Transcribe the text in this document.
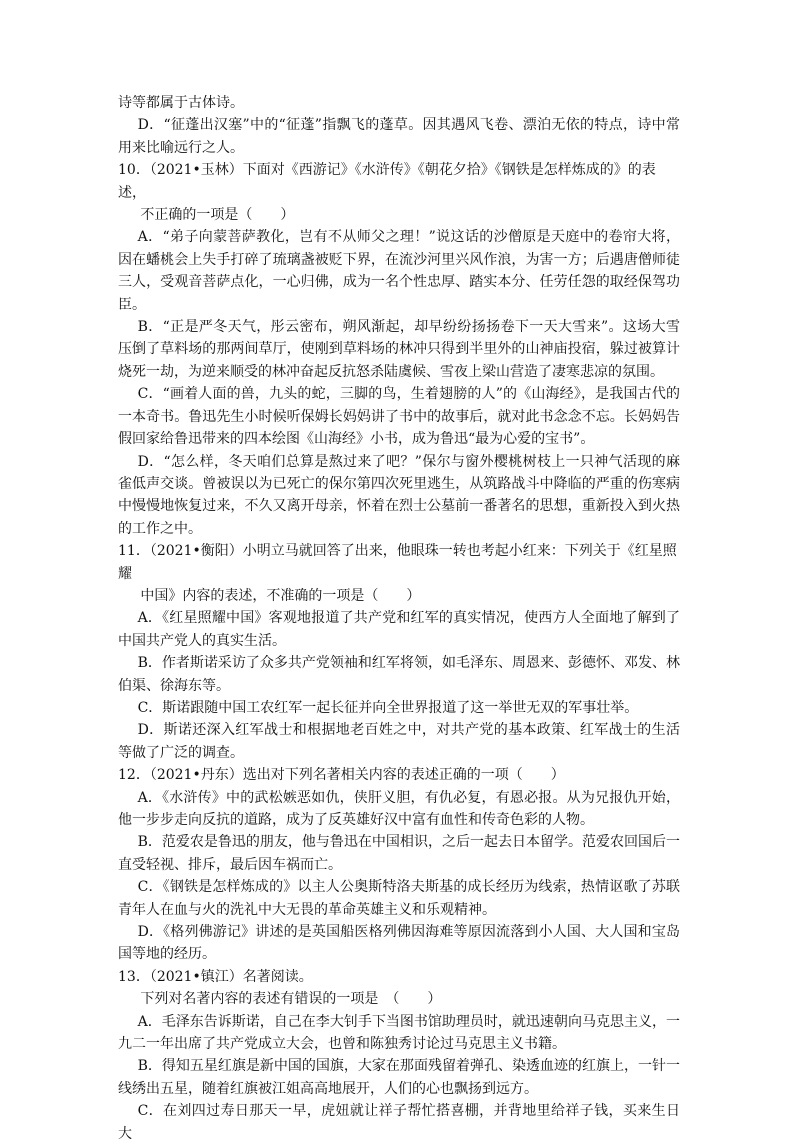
诗等都属于古体诗。

D．“征蓬出汉塞”中的“征蓬”指飘飞的蓬草。因其遇风飞卷、漂泊无依的特点，诗中常用来比喻远行之人。

10．（2021•玉林）下面对《西游记》《水浒传》《朝花夕拾》《钢铁是怎样炼成的》的表述，
不正确的一项是（　　）

A．“弟子向蒙菩萨教化，岂有不从师父之理！”说这话的沙僧原是天庭中的卷帘大将，因在蟠桃会上失手打碎了琉璃盏被贬下界，在流沙河里兴风作浪，为害一方；后遇唐僧师徒三人，受观音菩萨点化，一心归佛，成为一名个性忠厚、踏实本分、任劳任怨的取经保驾功臣。

B．“正是严冬天气，彤云密布，朔风渐起，却早纷纷扬扬卷下一天大雪来”。这场大雪压倒了草料场的那两间草厅，使刚到草料场的林冲只得到半里外的山神庙投宿，躲过被算计烧死一劫，为逆来顺受的林冲奋起反抗怒杀陆虞候、雪夜上梁山营造了凄寒悲凉的氛围。

C．“画着人面的兽，九头的蛇，三脚的鸟，生着翅膀的人”的《山海经》，是我国古代的一本奇书。鲁迅先生小时候听保姆长妈妈讲了书中的故事后，就对此书念念不忘。长妈妈告假回家给鲁迅带来的四本绘图《山海经》小书，成为鲁迅“最为心爱的宝书”。

D．“怎么样，冬天咱们总算是熬过来了吧？”保尔与窗外樱桃树枝上一只神气活现的麻雀低声交谈。曾被误以为已死亡的保尔第四次死里逃生，从筑路战斗中降临的严重的伤寒病中慢慢地恢复过来，不久又离开母亲，怀着在烈士公墓前一番著名的思想，重新投入到火热的工作之中。

11．（2021•衡阳）小明立马就回答了出来，他眼珠一转也考起小红来：下列关于《红星照耀
中国》内容的表述，不准确的一项是（　　）

A．《红星照耀中国》客观地报道了共产党和红军的真实情况，使西方人全面地了解到了中国共产党人的真实生活。

B．作者斯诺采访了众多共产党领袖和红军将领，如毛泽东、周恩来、彭德怀、邓发、林伯渠、徐海东等。

C．斯诺跟随中国工农红军一起长征并向全世界报道了这一举世无双的军事壮举。

D．斯诺还深入红军战士和根据地老百姓之中，对共产党的基本政策、红军战士的生活等做了广泛的调查。

12．（2021•丹东）选出对下列名著相关内容的表述正确的一项（　　）

A．《水浒传》中的武松嫉恶如仇，侠肝义胆，有仇必复，有恩必报。从为兄报仇开始，他一步步走向反抗的道路，成为了反英雄好汉中富有血性和传奇色彩的人物。

B．范爱农是鲁迅的朋友，他与鲁迅在中国相识，之后一起去日本留学。范爱农回国后一直受轻视、排斥，最后因车祸而亡。

C．《钢铁是怎样炼成的》以主人公奥斯特洛夫斯基的成长经历为线索，热情讴歌了苏联青年人在血与火的洗礼中大无畏的革命英雄主义和乐观精神。

D．《格列佛游记》讲述的是英国船医格列佛因海难等原因流落到小人国、大人国和宝岛国等地的经历。

13．（2021•镇江）名著阅读。
下列对名著内容的表述有错误的一项是　（　　）

A．毛泽东告诉斯诺，自己在李大钊手下当图书馆助理员时，就迅速朝向马克思主义，一九二一年出席了共产党成立大会，也曾和陈独秀讨论过马克思主义书籍。

B．得知五星红旗是新中国的国旗，大家在那面残留着弹孔、染透血迹的红旗上，一针一线绣出五星，随着红旗被江姐高高地展开，人们的心也飘扬到远方。

C．在刘四过寿日那天一早，虎妞就让祥子帮忙搭喜棚，并背地里给祥子钱，买来生日大
